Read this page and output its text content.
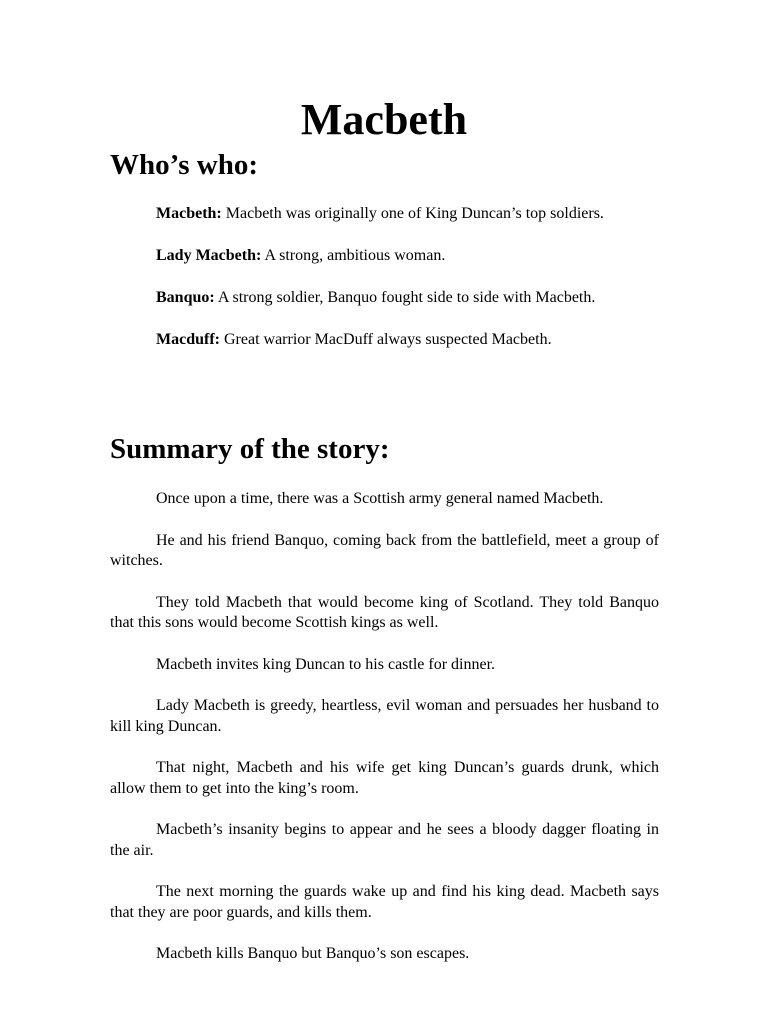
Macbeth
Who’s who:
Macbeth: Macbeth was originally one of King Duncan’s top soldiers.
Lady Macbeth: A strong, ambitious woman.
Banquo: A strong soldier, Banquo fought side to side with Macbeth.
Macduff: Great warrior MacDuff always suspected Macbeth.
Summary of the story:

Once upon a time, there was a Scottish army general named Macbeth.

He and his friend Banquo, coming back from the battlefield, meet a group of witches.

They told Macbeth that would become king of Scotland. They told Banquo that this sons would become Scottish kings as well.

Macbeth invites king Duncan to his castle for dinner.

Lady Macbeth is greedy, heartless, evil woman and persuades her husband to kill king Duncan.

That night, Macbeth and his wife get king Duncan’s guards drunk, which allow them to get into the king’s room.

Macbeth’s insanity begins to appear and he sees a bloody dagger floating in the air.

The next morning the guards wake up and find his king dead. Macbeth says that they are poor guards, and kills them.

Macbeth kills Banquo but Banquo’s son escapes.
